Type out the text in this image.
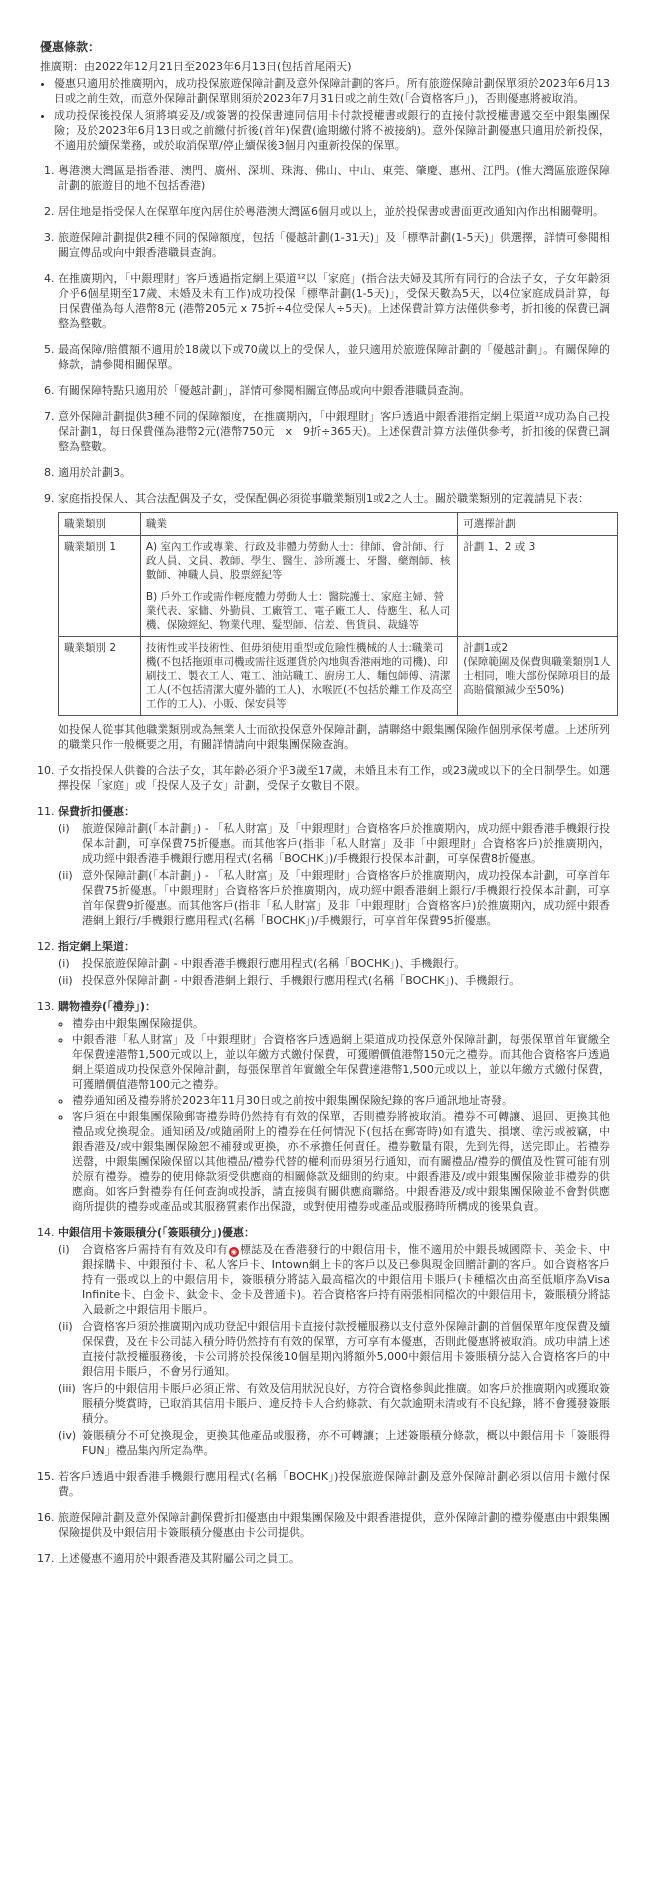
優惠條款：
推廣期：由2022年12月21日至2023年6月13日(包括首尾兩天)
• 優惠只適用於推廣期內，成功投保旅遊保障計劃及意外保障計劃的客戶。所有旅遊保障計劃保單須於2023年6月13日或之前生效，而意外保障計劃保單則須於2023年7月31日或之前生效(「合資格客戶」)，否則優惠將被取消。
• 成功投保後投保人須將填妥及/或簽署的投保書連同信用卡付款授權書或銀行的直接付款授權書遞交至中銀集團保險；及於2023年6月13日或之前繳付折後(首年)保費(逾期繳付將不被接納)。意外保障計劃優惠只適用於新投保，不適用於續保業務，或於取消保單/停止續保後3個月內重新投保的保單。
1. 粵港澳大灣區是指香港、澳門、廣州、深圳、珠海、佛山、中山、東莞、肇慶、惠州、江門。(惟大灣區旅遊保障計劃的旅遊目的地不包括香港)
2. 居住地是指受保人在保單年度內居住於粵港澳大灣區6個月或以上，並於投保書或書面更改通知內作出相關聲明。
3. 旅遊保障計劃提供2種不同的保障額度，包括「優越計劃(1-31天)」及「標準計劃(1-5天)」供選擇，詳情可參閱相關宣傳品或向中銀香港職員查詢。
4. 在推廣期內，「中銀理財」客戶透過指定網上渠道¹²以「家庭」(指合法夫婦及其所有同行的合法子女，子女年齡須介乎6個星期至17歲、未婚及未有工作)成功投保「標準計劃(1-5天)」，受保天數為5天，以4位家庭成員計算，每日保費僅為每人港幣8元 (港幣205元 x 75折÷4位受保人÷5天)。上述保費計算方法僅供參考，折扣後的保費已調整為整數。
5. 最高保障/賠償額不適用於18歲以下或70歲以上的受保人，並只適用於旅遊保障計劃的「優越計劃」。有關保障的條款，請參閱相關保單。
6. 有關保障特點只適用於「優越計劃」，詳情可參閱相關宣傳品或向中銀香港職員查詢。
7. 意外保障計劃提供3種不同的保障額度，在推廣期內，「中銀理財」客戶透過中銀香港指定網上渠道¹²成功為自己投保計劃1，每日保費僅為港幣2元(港幣750元　x　9折÷365天)。上述保費計算方法僅供參考，折扣後的保費已調整為整數。
8. 適用於計劃3。
9. 家庭指投保人、其合法配偶及子女，受保配偶必須從事職業類別1或2之人士。關於職業類別的定義請見下表：
職業類別	職業	可選擇計劃
職業類別 1	A) 室內工作或專業、行政及非體力勞動人士：律師、會計師、行政人員、文員、教師、學生、醫生、診所護士、牙醫、藥劑師、核數師、神職人員、股票經紀等
B) 戶外工作或需作輕度體力勞動人士：醫院護士、家庭主婦、營業代表、家傭、外勤員、工廠管工、電子廠工人、侍應生、私人司機、保險經紀、物業代理、髮型師、信差、售貨員、裁縫等	計劃 1、2 或 3
職業類別 2	技術性或半技術性、但毋須使用重型或危險性機械的人士:職業司機(不包括拖頭車司機或需往返運貨於內地與香港兩地的司機)、印刷技工、製衣工人、電工、油站職工、廚房工人、麵包師傅、清潔工人(不包括清潔大廈外牆的工人)、水喉匠(不包括於離工作及高空工作的工人)、小販、保安員等	計劃1或2
(保障範圍及保費與職業類別1人士相同，唯大部份保障項目的最高賠償額減少至50%)
如投保人從事其他職業類別或為無業人士而欲投保意外保障計劃，請聯絡中銀集團保險作個別承保考慮。上述所列的職業只作一般概要之用，有關詳情請向中銀集團保險查詢。
10. 子女指投保人供養的合法子女，其年齡必須介乎3歲至17歲，未婚且未有工作，或23歲或以下的全日制學生。如選擇投保「家庭」或「投保人及子女」計劃，受保子女數目不限。
11. 保費折扣優惠：
(i)	旅遊保障計劃(「本計劃」) - 「私人財富」及「中銀理財」合資格客戶於推廣期內，成功經中銀香港手機銀行投保本計劃，可享保費75折優惠。而其他客戶(指非「私人財富」及非「中銀理財」合資格客戶)於推廣期內，成功經中銀香港手機銀行應用程式(名稱「BOCHK」)/手機銀行投保本計劃，可享保費8折優惠。
(ii) 意外保障計劃(「本計劃」) - 「私人財富」及「中銀理財」合資格客戶於推廣期內，成功投保本計劃，可享首年保費75折優惠。「中銀理財」合資格客戶於推廣期內，成功經中銀香港網上銀行/手機銀行投保本計劃，可享首年保費9折優惠。而其他客戶(指非「私人財富」及非「中銀理財」合資格客戶)於推廣期內，成功經中銀香港網上銀行/手機銀行應用程式(名稱「BOCHK」)/手機銀行，可享首年保費95折優惠。
12. 指定網上渠道：
(i)	投保旅遊保障計劃 - 中銀香港手機銀行應用程式(名稱「BOCHK」)、手機銀行。
(ii) 投保意外保障計劃 - 中銀香港網上銀行、手機銀行應用程式(名稱「BOCHK」)、手機銀行。
13. 購物禮券(「禮券」)：
◦ 禮券由中銀集團保險提供。
◦ 中銀香港「私人財富」及「中銀理財」合資格客戶透過網上渠道成功投保意外保障計劃，每張保單首年實繳全年保費達港幣1,500元或以上，並以年繳方式繳付保費，可獲贈價值港幣150元之禮券。而其他合資格客戶透過網上渠道成功投保意外保障計劃，每張保單首年實繳全年保費達港幣1,500元或以上，並以年繳方式繳付保費，可獲贈價值港幣100元之禮券。
◦ 禮券通知函及禮券將於2023年11月30日或之前按中銀集團保險紀錄的客戶通訊地址寄發。
◦ 客戶須在中銀集團保險郵寄禮券時仍然持有有效的保單，否則禮券將被取消。禮券不可轉讓、退回、更換其他禮品或兌換現金。通知函及/或隨函附上的禮券在任何情況下(包括在郵寄時)如有遺失、損壞、塗污或被竊，中銀香港及/或中銀集團保險恕不補發或更換，亦不承擔任何責任。禮券數量有限，先到先得，送完即止。若禮券送罄，中銀集團保險保留以其他禮品/禮券代替的權利而毋須另行通知，而有關禮品/禮券的價值及性質可能有別於原有禮券。禮券的使用條款須受供應商的相關條款及細則的約束。中銀香港及/或中銀集團保險並非禮券的供應商。如客戶對禮券有任何查詢或投訴，請直接與有關供應商聯絡。中銀香港及/或中銀集團保險並不會對供應商所提供的禮券或產品或其服務質素作出保證，或對使用禮券或產品或服務時所構成的後果負責。
14. 中銀信用卡簽賬積分(「簽賬積分」)優惠：
(i)	合資格客戶需持有有效及印有 ◉ 標誌及在香港發行的中銀信用卡，惟不適用於中銀長城國際卡、美金卡、中銀採購卡、中銀預付卡、私人客戶卡、Intown網上卡的客戶以及已參與現金回贈計劃的客戶。如合資格客戶持有一張或以上的中銀信用卡，簽賬積分將誌入最高檔次的中銀信用卡賬戶(卡種檔次由高至低順序為Visa Infinite卡、白金卡、鈦金卡、金卡及普通卡)。若合資格客戶持有兩張相同檔次的中銀信用卡，簽賬積分將誌入最新之中銀信用卡賬戶。
(ii) 合資格客戶須於推廣期內成功登記中銀信用卡直接付款授權服務以支付意外保障計劃的首個保單年度保費及續保保費，及在卡公司誌入積分時仍然持有有效的保單，方可享有本優惠，否則此優惠將被取消。成功申請上述直接付款授權服務後，卡公司將於投保後10個星期內將額外5,000中銀信用卡簽賬積分誌入合資格客戶的中銀信用卡賬戶，不會另行通知。
(iii) 客戶的中銀信用卡賬戶必須正常、有效及信用狀況良好，方符合資格參與此推廣。如客戶於推廣期內或獲取簽賬積分獎賞時，已取消其信用卡賬戶、違反持卡人合約條款、有欠款逾期未清或有不良紀錄，將不會獲發簽賬積分。
(iv) 簽賬積分不可兌換現金，更換其他產品或服務，亦不可轉讓；上述簽賬積分條款，概以中銀信用卡「簽賬得FUN」禮品集內所定為準。
15. 若客戶透過中銀香港手機銀行應用程式(名稱「BOCHK」)投保旅遊保障計劃及意外保障計劃必須以信用卡繳付保費。
16. 旅遊保障計劃及意外保障計劃保費折扣優惠由中銀集團保險及中銀香港提供，意外保障計劃的禮券優惠由中銀集團保險提供及中銀信用卡簽賬積分優惠由卡公司提供。
17. 上述優惠不適用於中銀香港及其附屬公司之員工。
